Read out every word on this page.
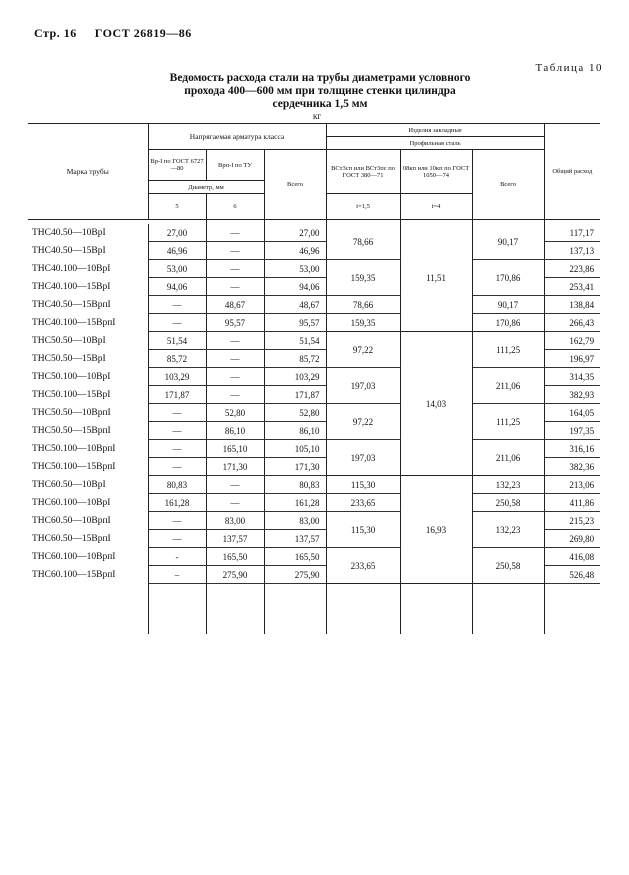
Стр. 16 ГОСТ 26819—86
Таблица 10
Ведомость расхода стали на трубы диаметрами условного
прохода 400—600 мм при толщине стенки цилиндра
сердечника 1,5 мм
кг
Марка трубы	Напрягаемая арматура класса			Изделия закладные			Общий расход
				Профильная сталь			
	Вр-I по ГОСТ 6727—80	Врп-I по ТУ	Всего	ВСт3сп или ВСт3пс по ГОСТ 380—71	08кп или 10кп по ГОСТ 1050—74	Всего	
	Диаметр, мм						
	5	6		t=1,5	t=4		

ТНС40.50—10ВрI	27,00	—	27,00	78,66	11,51	90,17	117,17
ТНС40.50—15ВрI	46,96	—	46,96				137,13
ТНС40.100—10ВрI	53,00	—	53,00	159,35		170,86	223,86
ТНС40.100—15ВрI	94,06	—	94,06				253,41
ТНС40.50—15ВрпI	—	48,67	48,67	78,66		90,17	138,84
ТНС40.100—15ВрпI	—	95,57	95,57	159,35		170,86	266,43
ТНС50.50—10ВрI	51,54	—	51,54	97,22	14,03	111,25	162,79
ТНС50.50—15ВрI	85,72	—	85,72				196,97
ТНС50.100—10ВрI	103,29	—	103,29	197,03		211,06	314,35
ТНС50.100—15ВрI	171,87	—	171,87				382,93
ТНС50.50—10ВрпI	—	52,80	52,80	97,22		111,25	164,05
ТНС50.50—15ВрпI	—	86,10	86,10				197,35
ТНС50.100—10ВрпI	—	165,10	105,10	197,03		211,06	316,16
ТНС50.100—15ВрпI	—	171,30	171,30				382,36
ТНС60.50—10ВрI	80,83	—	80,83	115,30	16,93	132,23	213,06
ТНС60.100—10ВрI	161,28	—	161,28	233,65		250,58	411,86
ТНС60.50—10ВрпI	—	83,00	83,00	115,30		132,23	215,23
ТНС60.50—15ВрпI	—	137,57	137,57				269,80
ТНС60.100—10ВрпI	-	165,50	165,50	233,65		250,58	416,08
ТНС60.100—15ВрпI	–	275,90	275,90				526,48
